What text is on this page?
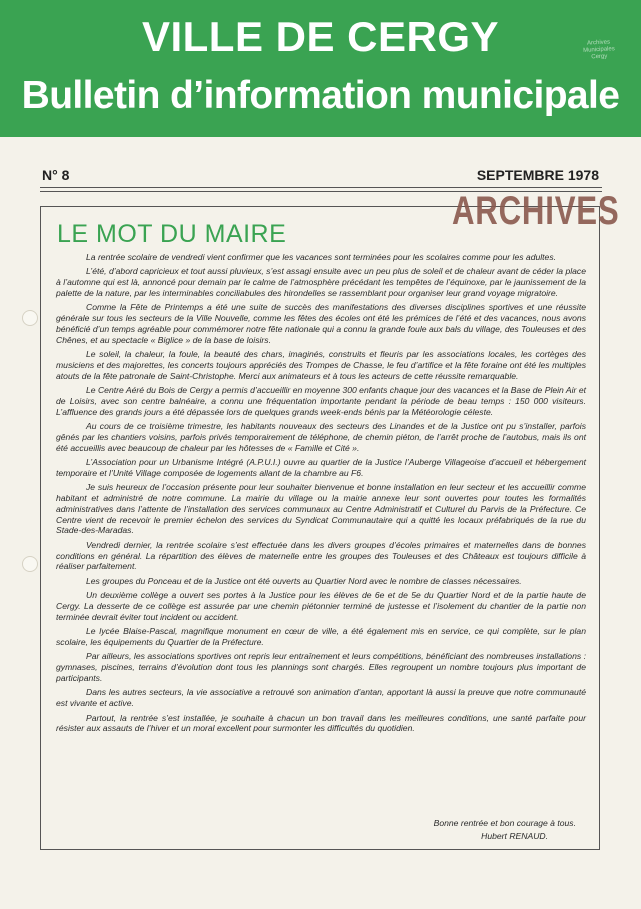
VILLE DE CERGY
Bulletin d’information municipale
Archives
Municipales
Cergy
N° 8	SEPTEMBRE 1978
ARCHIVES
LE MOT DU MAIRE

La rentrée scolaire de vendredi vient confirmer que les vacances sont terminées pour les scolaires comme pour les adultes.

L’été, d’abord capricieux et tout aussi pluvieux, s’est assagi ensuite avec un peu plus de soleil et de chaleur avant de céder la place à l’automne qui est là, annoncé pour demain par le calme de l’atmosphère précédant les tempêtes de l’équinoxe, par le jaunissement de la palette de la nature, par les interminables conciliabules des hirondelles se rassemblant pour organiser leur grand voyage migratoire.

Comme la Fête de Printemps a été une suite de succès des manifestations des diverses disciplines sportives et une réussite générale sur tous les secteurs de la Ville Nouvelle, comme les fêtes des écoles ont été les prémices de l’été et des vacances, nous avons bénéficié d’un temps agréable pour commémorer notre fête nationale qui a connu la grande foule aux bals du village, des Touleuses et des Chênes, et au spectacle « Biglice » de la base de loisirs.

Le soleil, la chaleur, la foule, la beauté des chars, imaginés, construits et fleuris par les associations locales, les cortèges des musiciens et des majorettes, les concerts toujours appréciés des Trompes de Chasse, le feu d’artifice et la fête foraine ont été les multiples atouts de la fête patronale de Saint-Christophe. Merci aux animateurs et à tous les acteurs de cette réussite remarquable.

Le Centre Aéré du Bois de Cergy a permis d’accueillir en moyenne 300 enfants chaque jour des vacances et la Base de Plein Air et de Loisirs, avec son centre balnéaire, a connu une fréquentation importante pendant la période de beau temps : 150 000 visiteurs. L’affluence des grands jours a été dépassée lors de quelques grands week-ends bénis par la Météorologie céleste.

Au cours de ce troisième trimestre, les habitants nouveaux des secteurs des Linandes et de la Justice ont pu s’installer, parfois gênés par les chantiers voisins, parfois privés temporairement de téléphone, de chemin piéton, de l’arrêt proche de l’autobus, mais ils ont été accueillis avec beaucoup de chaleur par les hôtesses de « Famille et Cité ».

L’Association pour un Urbanisme Intégré (A.P.U.I.) ouvre au quartier de la Justice l’Auberge Villageoise d’accueil et hébergement temporaire et l’Unité Village composée de logements allant de la chambre au F6.

Je suis heureux de l’occasion présente pour leur souhaiter bienvenue et bonne installation en leur secteur et les accueillir comme habitant et administré de notre commune. La mairie du village ou la mairie annexe leur sont ouvertes pour toutes les formalités administratives dans l’attente de l’installation des services communaux au Centre Administratif et Culturel du Parvis de la Préfecture. Ce Centre vient de recevoir le premier échelon des services du Syndicat Communautaire qui a quitté les locaux préfabriqués de la rue du Stade-des-Maradas.

Vendredi dernier, la rentrée scolaire s’est effectuée dans les divers groupes d’écoles primaires et maternelles dans de bonnes conditions en général. La répartition des élèves de maternelle entre les groupes des Touleuses et des Châteaux est toujours difficile à réaliser parfaitement.

Les groupes du Ponceau et de la Justice ont été ouverts au Quartier Nord avec le nombre de classes nécessaires.

Un deuxième collège a ouvert ses portes à la Justice pour les élèves de 6e et de 5e du Quartier Nord et de la partie haute de Cergy. La desserte de ce collège est assurée par une chemin piétonnier terminé de justesse et l’isolement du chantier de la partie non terminée devrait éviter tout incident ou accident.

Le lycée Blaise-Pascal, magnifique monument en cœur de ville, a été également mis en service, ce qui complète, sur le plan scolaire, les équipements du Quartier de la Préfecture.

Par ailleurs, les associations sportives ont repris leur entraînement et leurs compétitions, bénéficiant des nombreuses installations : gymnases, piscines, terrains d’évolution dont tous les plannings sont chargés. Elles regroupent un nombre toujours plus important de participants.

Dans les autres secteurs, la vie associative a retrouvé son animation d’antan, apportant là aussi la preuve que notre communauté est vivante et active.

Partout, la rentrée s’est installée, je souhaite à chacun un bon travail dans les meilleures conditions, une santé parfaite pour résister aux assauts de l’hiver et un moral excellent pour surmonter les difficultés du quotidien.

Bonne rentrée et bon courage à tous.
Hubert RENAUD.
